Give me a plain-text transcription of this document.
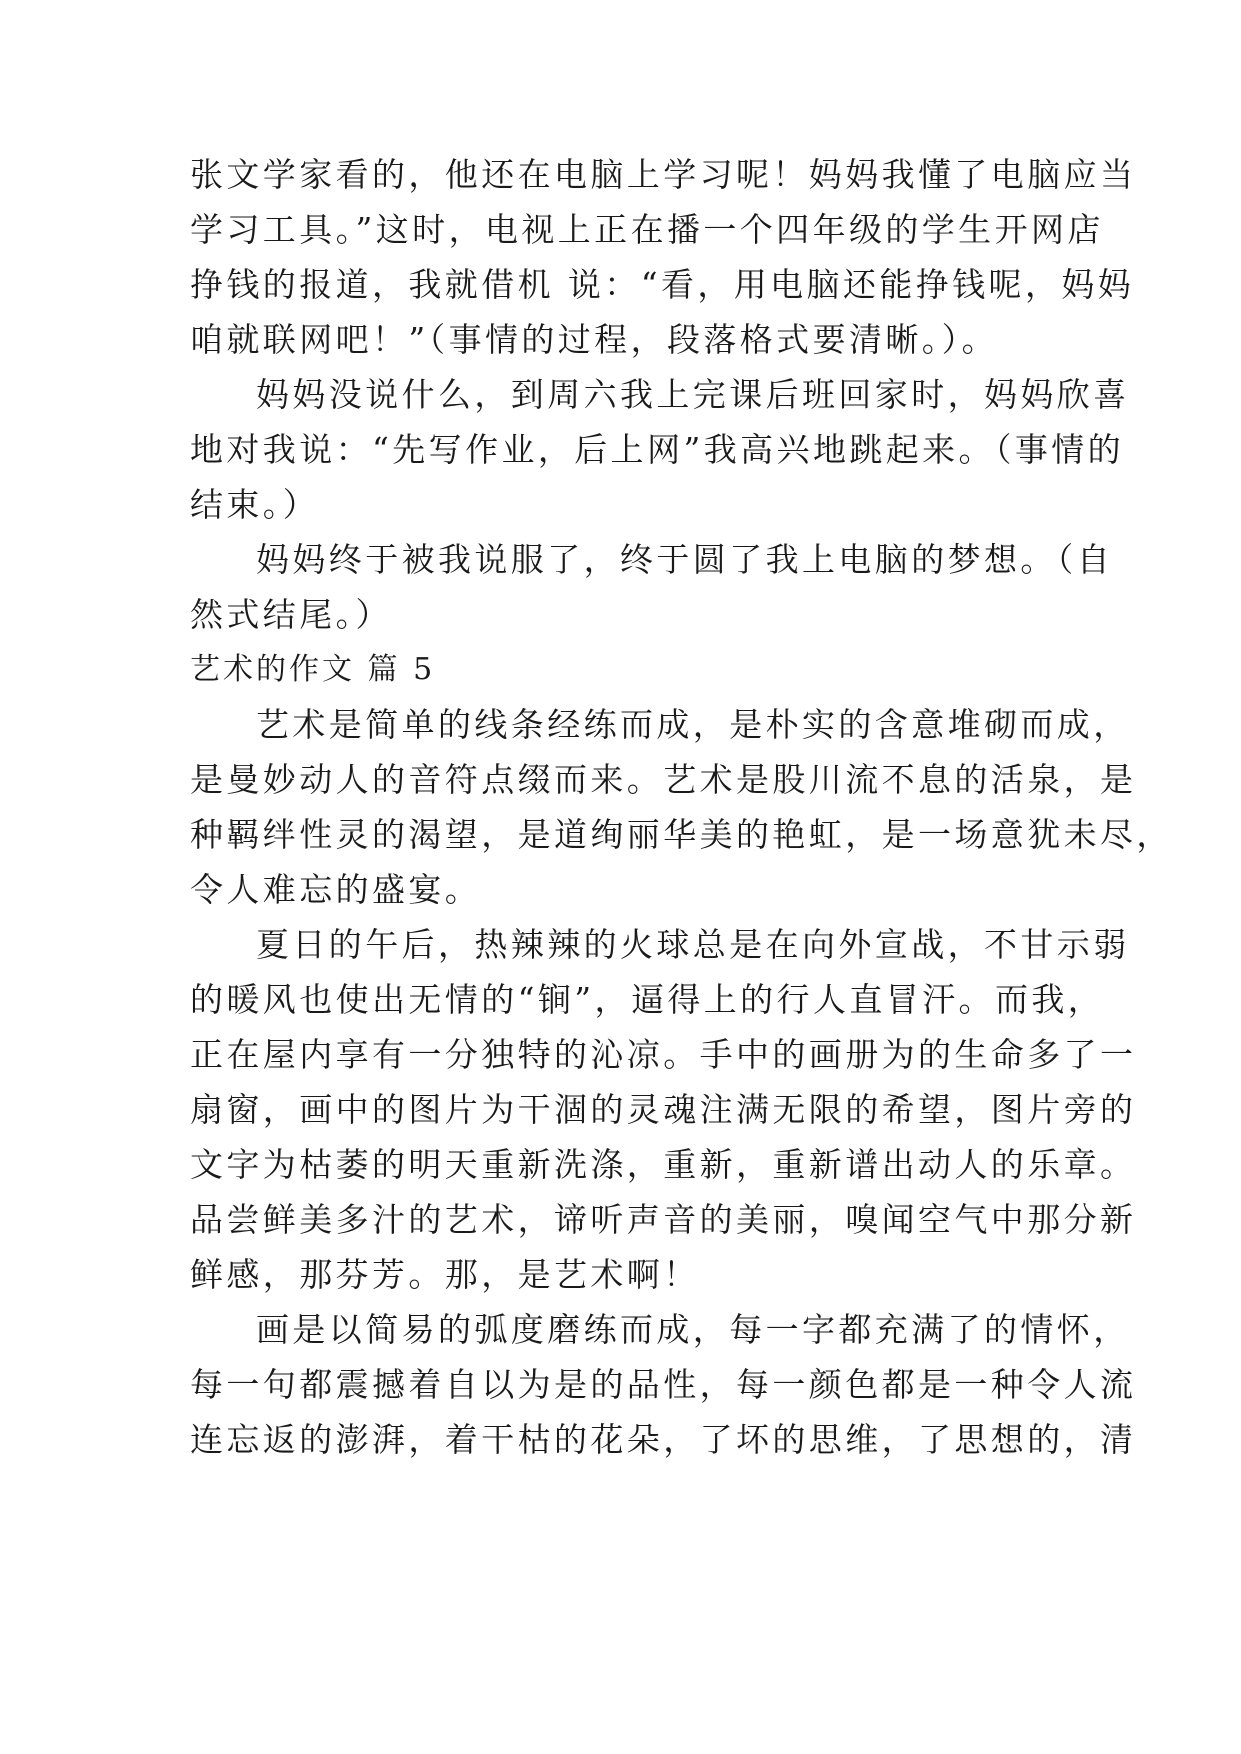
张文学家看的，他还在电脑上学习呢！妈妈我懂了电脑应当
学习工具。”这时，电视上正在播一个四年级的学生开网店
挣钱的报道，我就借机 说：“看，用电脑还能挣钱呢，妈妈
咱就联网吧！”（事情的过程，段落格式要清晰。）。
妈妈没说什么，到周六我上完课后班回家时，妈妈欣喜
地对我说：“先写作业，后上网”我高兴地跳起来。（事情的
结束。）
妈妈终于被我说服了，终于圆了我上电脑的梦想。（自
然式结尾。）
艺术的作文 篇 5
艺术是简单的线条经练而成，是朴实的含意堆砌而成，
是曼妙动人的音符点缀而来。艺术是股川流不息的活泉，是
种羁绊性灵的渴望，是道绚丽华美的艳虹，是一场意犹未尽，
令人难忘的盛宴。
夏日的午后，热辣辣的火球总是在向外宣战，不甘示弱
的暖风也使出无情的“锏”，逼得上的行人直冒汗。而我，
正在屋内享有一分独特的沁凉。手中的画册为的生命多了一
扇窗，画中的图片为干涸的灵魂注满无限的希望，图片旁的
文字为枯萎的明天重新洗涤，重新，重新谱出动人的乐章。
品尝鲜美多汁的艺术，谛听声音的美丽，嗅闻空气中那分新
鲜感，那芬芳。那，是艺术啊！
画是以简易的弧度磨练而成，每一字都充满了的情怀，
每一句都震撼着自以为是的品性，每一颜色都是一种令人流
连忘返的澎湃，着干枯的花朵，了坏的思维，了思想的，清
